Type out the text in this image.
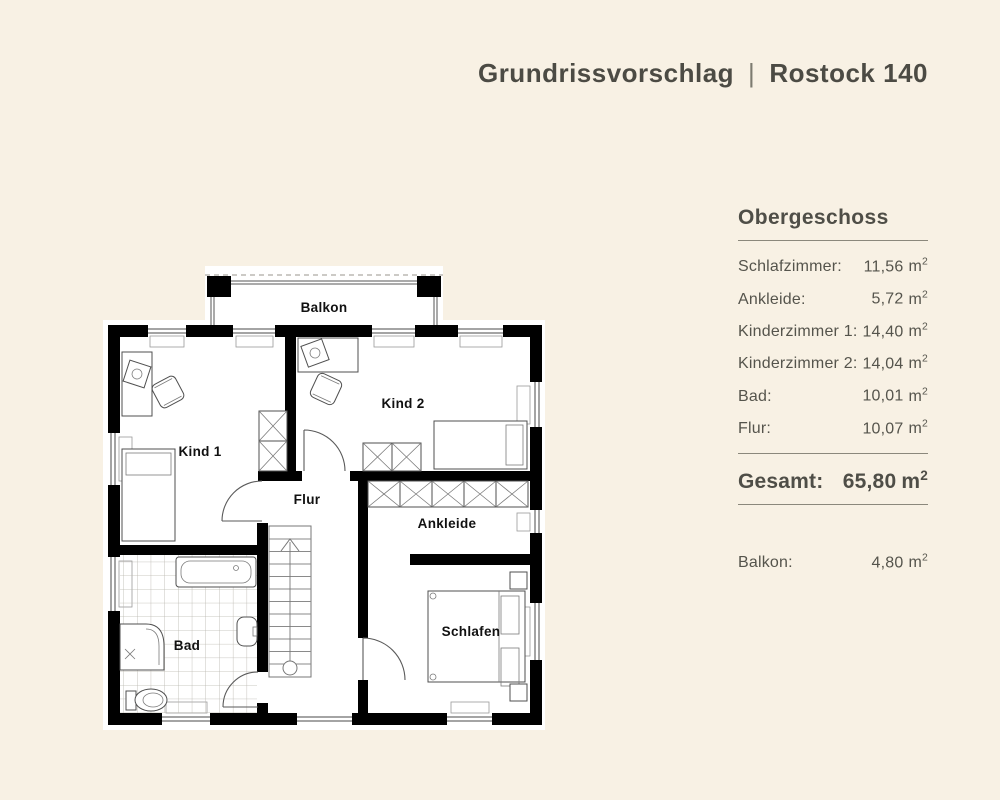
Balkon
Kind 1
Kind 2
Flur
Ankleide
Bad
Schlafen
Grundrissvorschlag | Rostock 140
Obergeschoss
Schlafzimmer: 11,56 $m^2$
Ankleide:	5,72 $m^2$
Kinderzimmer 1: 14,40 $m^2$
Kinderzimmer 2: 14,04 $m^2$
Bad:	10,01 $m^2$
Flur:	10,07 $m^2$
Gesamt: 65,80 $m^2$
Balkon:	4,80 $m^2$
